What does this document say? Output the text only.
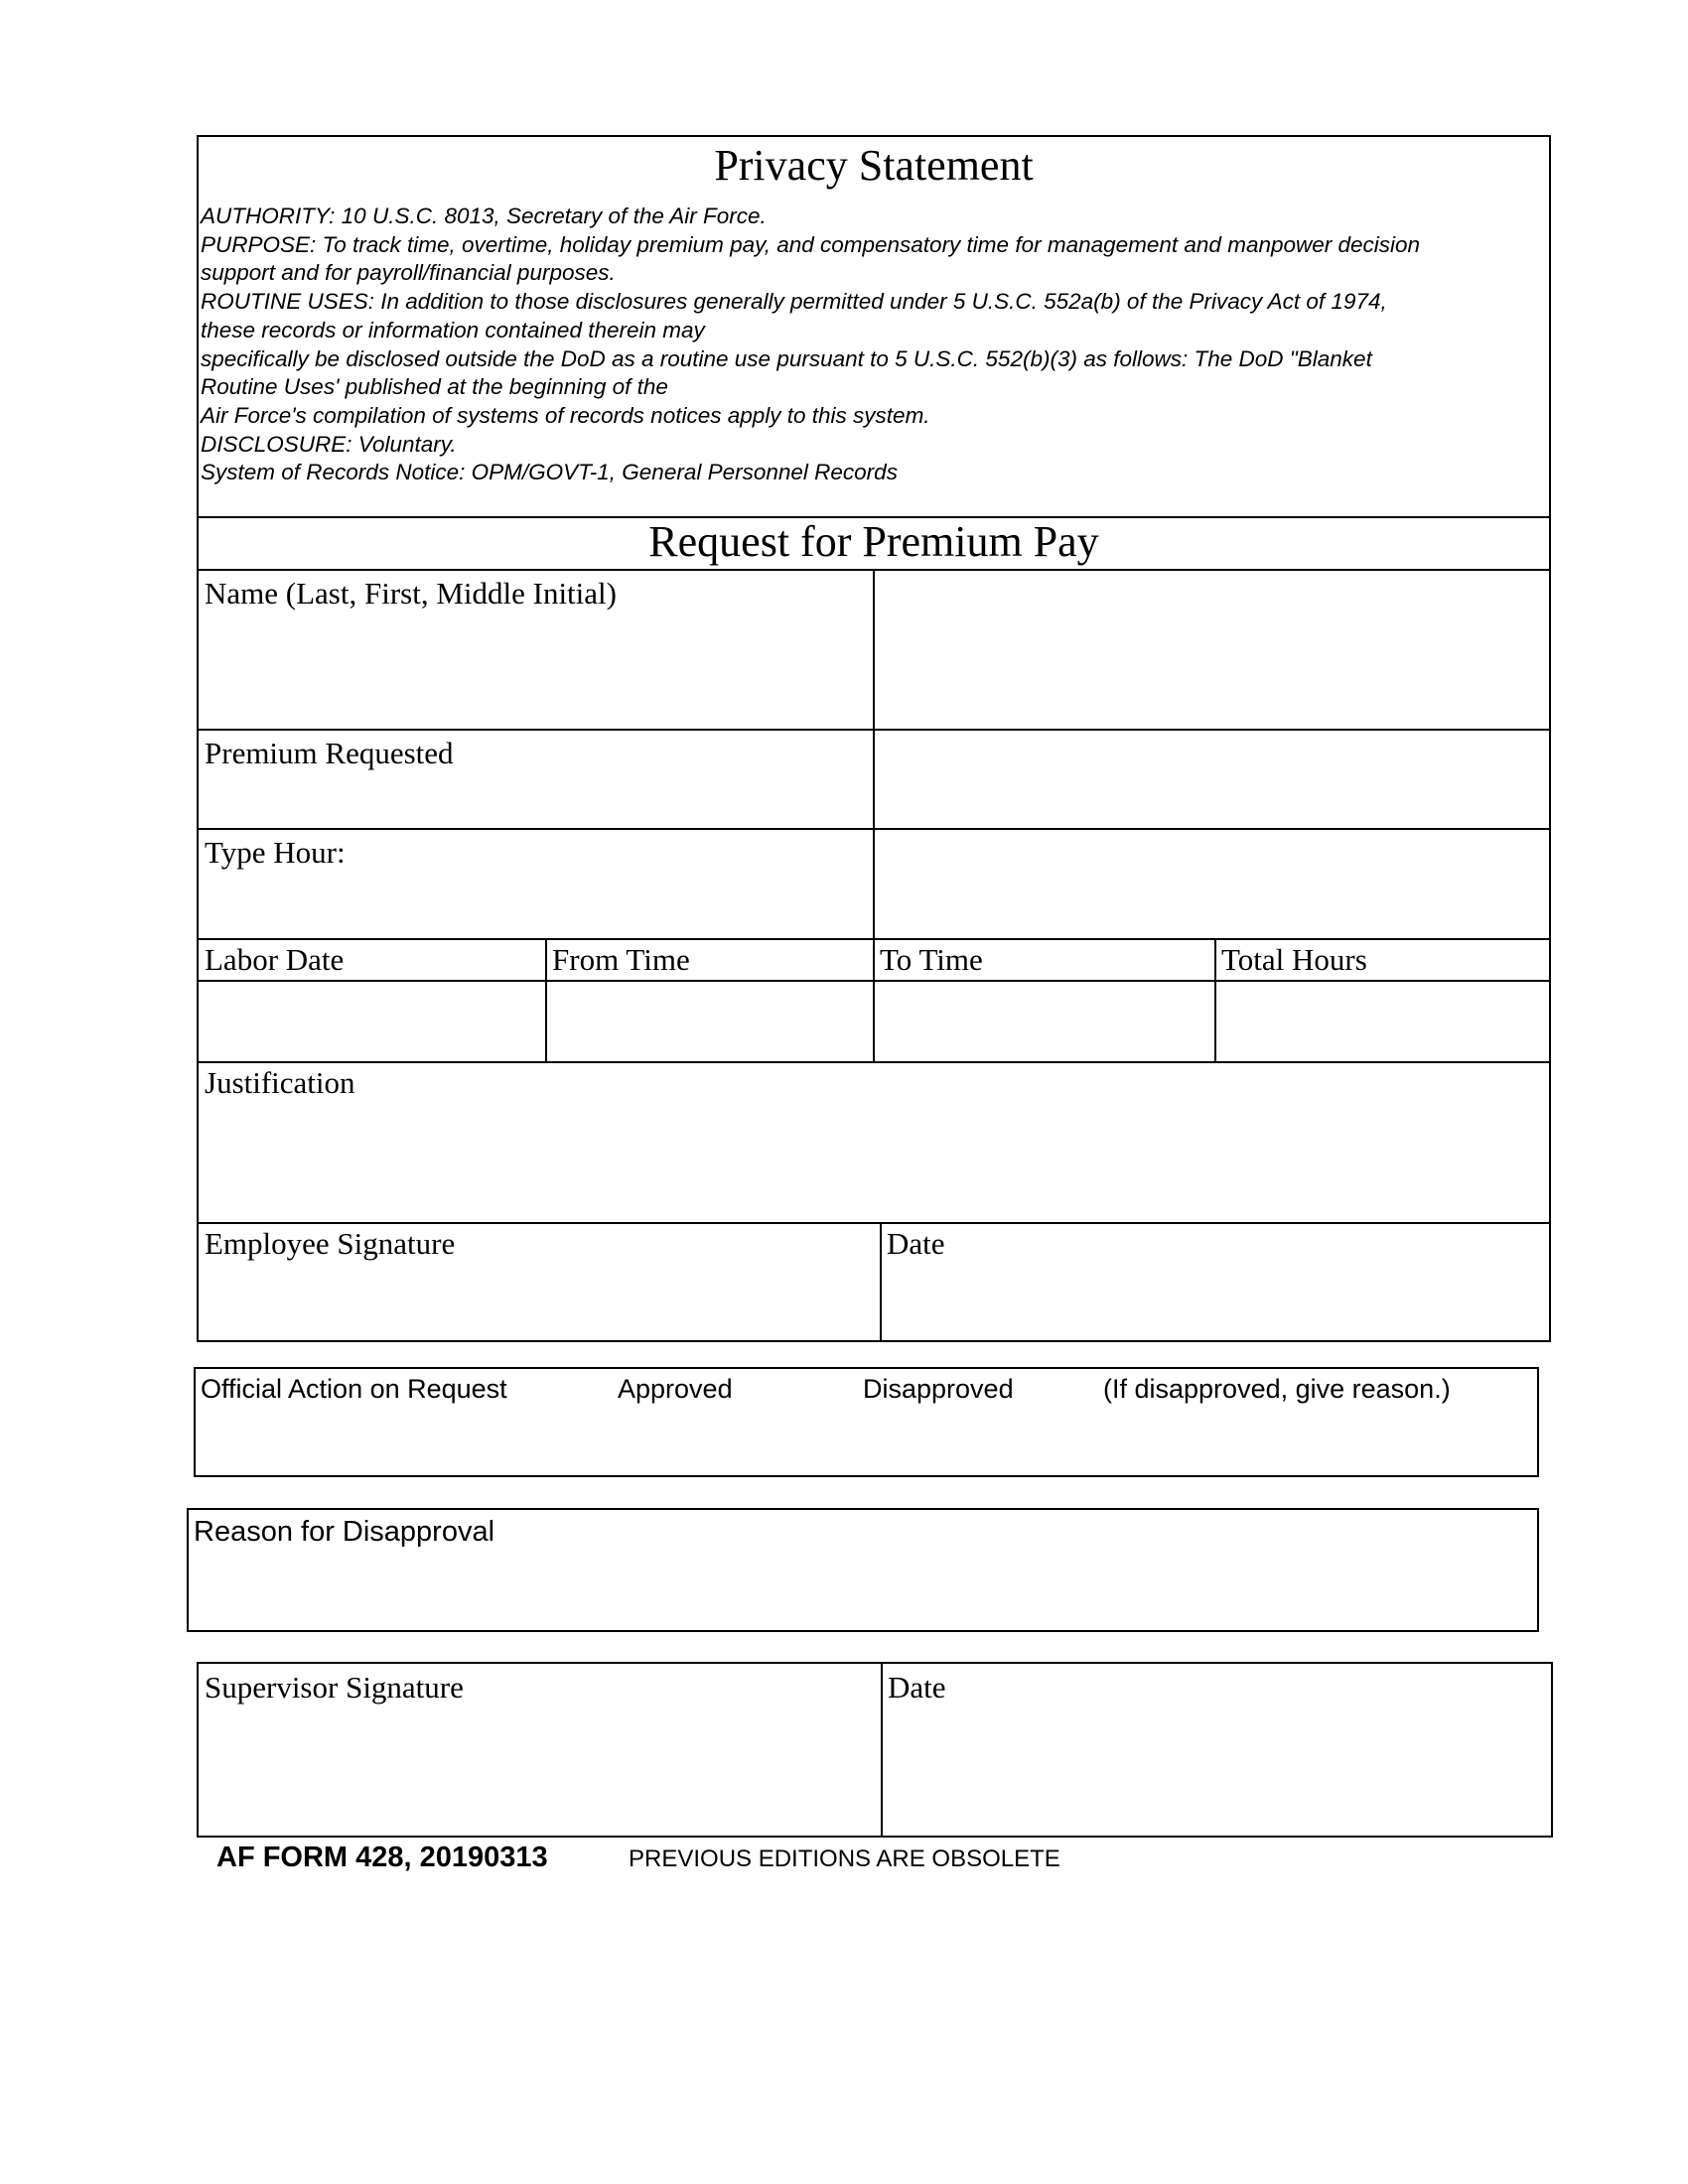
Privacy Statement
AUTHORITY: 10 U.S.C. 8013, Secretary of the Air Force.
PURPOSE: To track time, overtime, holiday premium pay, and compensatory time for management and manpower decision
support and for payroll/financial purposes.
ROUTINE USES: In addition to those disclosures generally permitted under 5 U.S.C. 552a(b) of the Privacy Act of 1974,
these records or information contained therein may
specifically be disclosed outside the DoD as a routine use pursuant to 5 U.S.C. 552(b)(3) as follows: The DoD "Blanket
Routine Uses' published at the beginning of the
Air Force's compilation of systems of records notices apply to this system.
DISCLOSURE: Voluntary.
System of Records Notice: OPM/GOVT-1, General Personnel Records
Request for Premium Pay
Name (Last, First, Middle Initial)
Premium Requested
Type Hour:
Labor Date	From Time	To Time	Total Hours
Justification
Employee Signature	Date
Official Action on Request	Approved	Disapproved	(If disapproved, give reason.)
Reason for Disapproval
Supervisor Signature	Date
AF FORM 428, 20190313	PREVIOUS EDITIONS ARE OBSOLETE
